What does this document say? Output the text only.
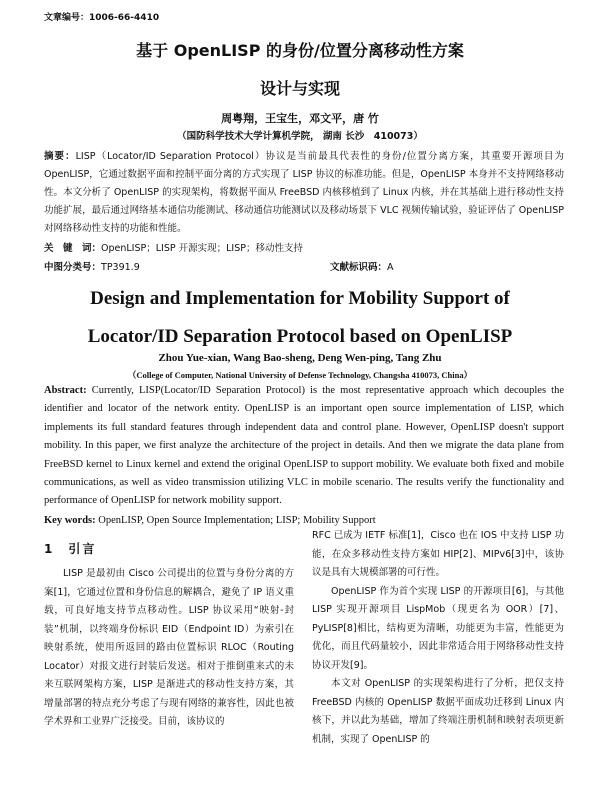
文章编号：1006-66-4410
基于 OpenLISP 的身份/位置分离移动性方案
设计与实现
周粤翔，王宝生，邓文平，唐 竹
（国防科学技术大学计算机学院， 湖南 长沙　410073）
摘要：LISP（Locator/ID Separation Protocol）协议是当前最具代表性的身份/位置分离方案，其重要开源项目为 OpenLISP，它通过数据平面和控制平面分离的方式实现了 LISP 协议的标准功能。但是，OpenLISP 本身并不支持网络移动性。本文分析了 OpenLISP 的实现架构，将数据平面从 FreeBSD 内核移植到了 Linux 内核，并在其基础上进行移动性支持功能扩展，最后通过网络基本通信功能测试、移动通信功能测试以及移动场景下 VLC 视频传输试验，验证评估了 OpenLISP 对网络移动性支持的功能和性能。
关　键　词：OpenLISP；LISP 开源实现；LISP；移动性支持
中图分类号：TP391.9	文献标识码：A
Design and Implementation for Mobility Support of
Locator/ID Separation Protocol based on OpenLISP
Zhou Yue-xian, Wang Bao-sheng, Deng Wen-ping, Tang Zhu
（College of Computer, National University of Defense Technology, Changsha 410073, China）
Abstract: Currently, LISP(Locator/ID Separation Protocol) is the most representative approach which decouples the identifier and locator of the network entity. OpenLISP is an important open source implementation of LISP, which implements its full standard features through independent data and control plane. However, OpenLISP doesn't support mobility. In this paper, we first analyze the architecture of the project in details. And then we migrate the data plane from FreeBSD kernel to Linux kernel and extend the original OpenLISP to support mobility. We evaluate both fixed and mobile communications, as well as video transmission utilizing VLC in mobile scenario. The results verify the functionality and performance of OpenLISP for network mobility support.
Key words: OpenLISP, Open Source Implementation; LISP; Mobility Support
1　引言

LISP 是最初由 Cisco 公司提出的位置与身份分离的方案[1]，它通过位置和身份信息的解耦合，避免了 IP 语义重载，可良好地支持节点移动性。LISP 协议采用“映射-封装”机制，以终端身份标识 EID（Endpoint ID）为索引在映射系统，使用所返回的路由位置标识 RLOC（Routing Locator）对报文进行封装后发送。相对于推倒重来式的未来互联网架构方案，LISP 是渐进式的移动性支持方案，其增量部署的特点充分考虑了与现有网络的兼容性，因此也被学术界和工业界广泛接受。目前，该协议的

RFC 已成为 IETF 标准[1]，Cisco 也在 IOS 中支持 LISP 功能，在众多移动性支持方案如 HIP[2]、MIPv6[3]中，该协议是具有大规模部署的可行性。

OpenLISP 作为首个实现 LISP 的开源项目[6]，与其他 LISP 实现开源项目 LispMob（现更名为 OOR）[7]、PyLISP[8]相比，结构更为清晰，功能更为丰富，性能更为优化，而且代码量较小，因此非常适合用于网络移动性支持协议开发[9]。

本文对 OpenLISP 的实现架构进行了分析，把仅支持 FreeBSD 内核的 OpenLISP 数据平面成功迁移到 Linux 内核下，并以此为基础，增加了终端注册机制和映射表项更新机制，实现了 OpenLISP 的
